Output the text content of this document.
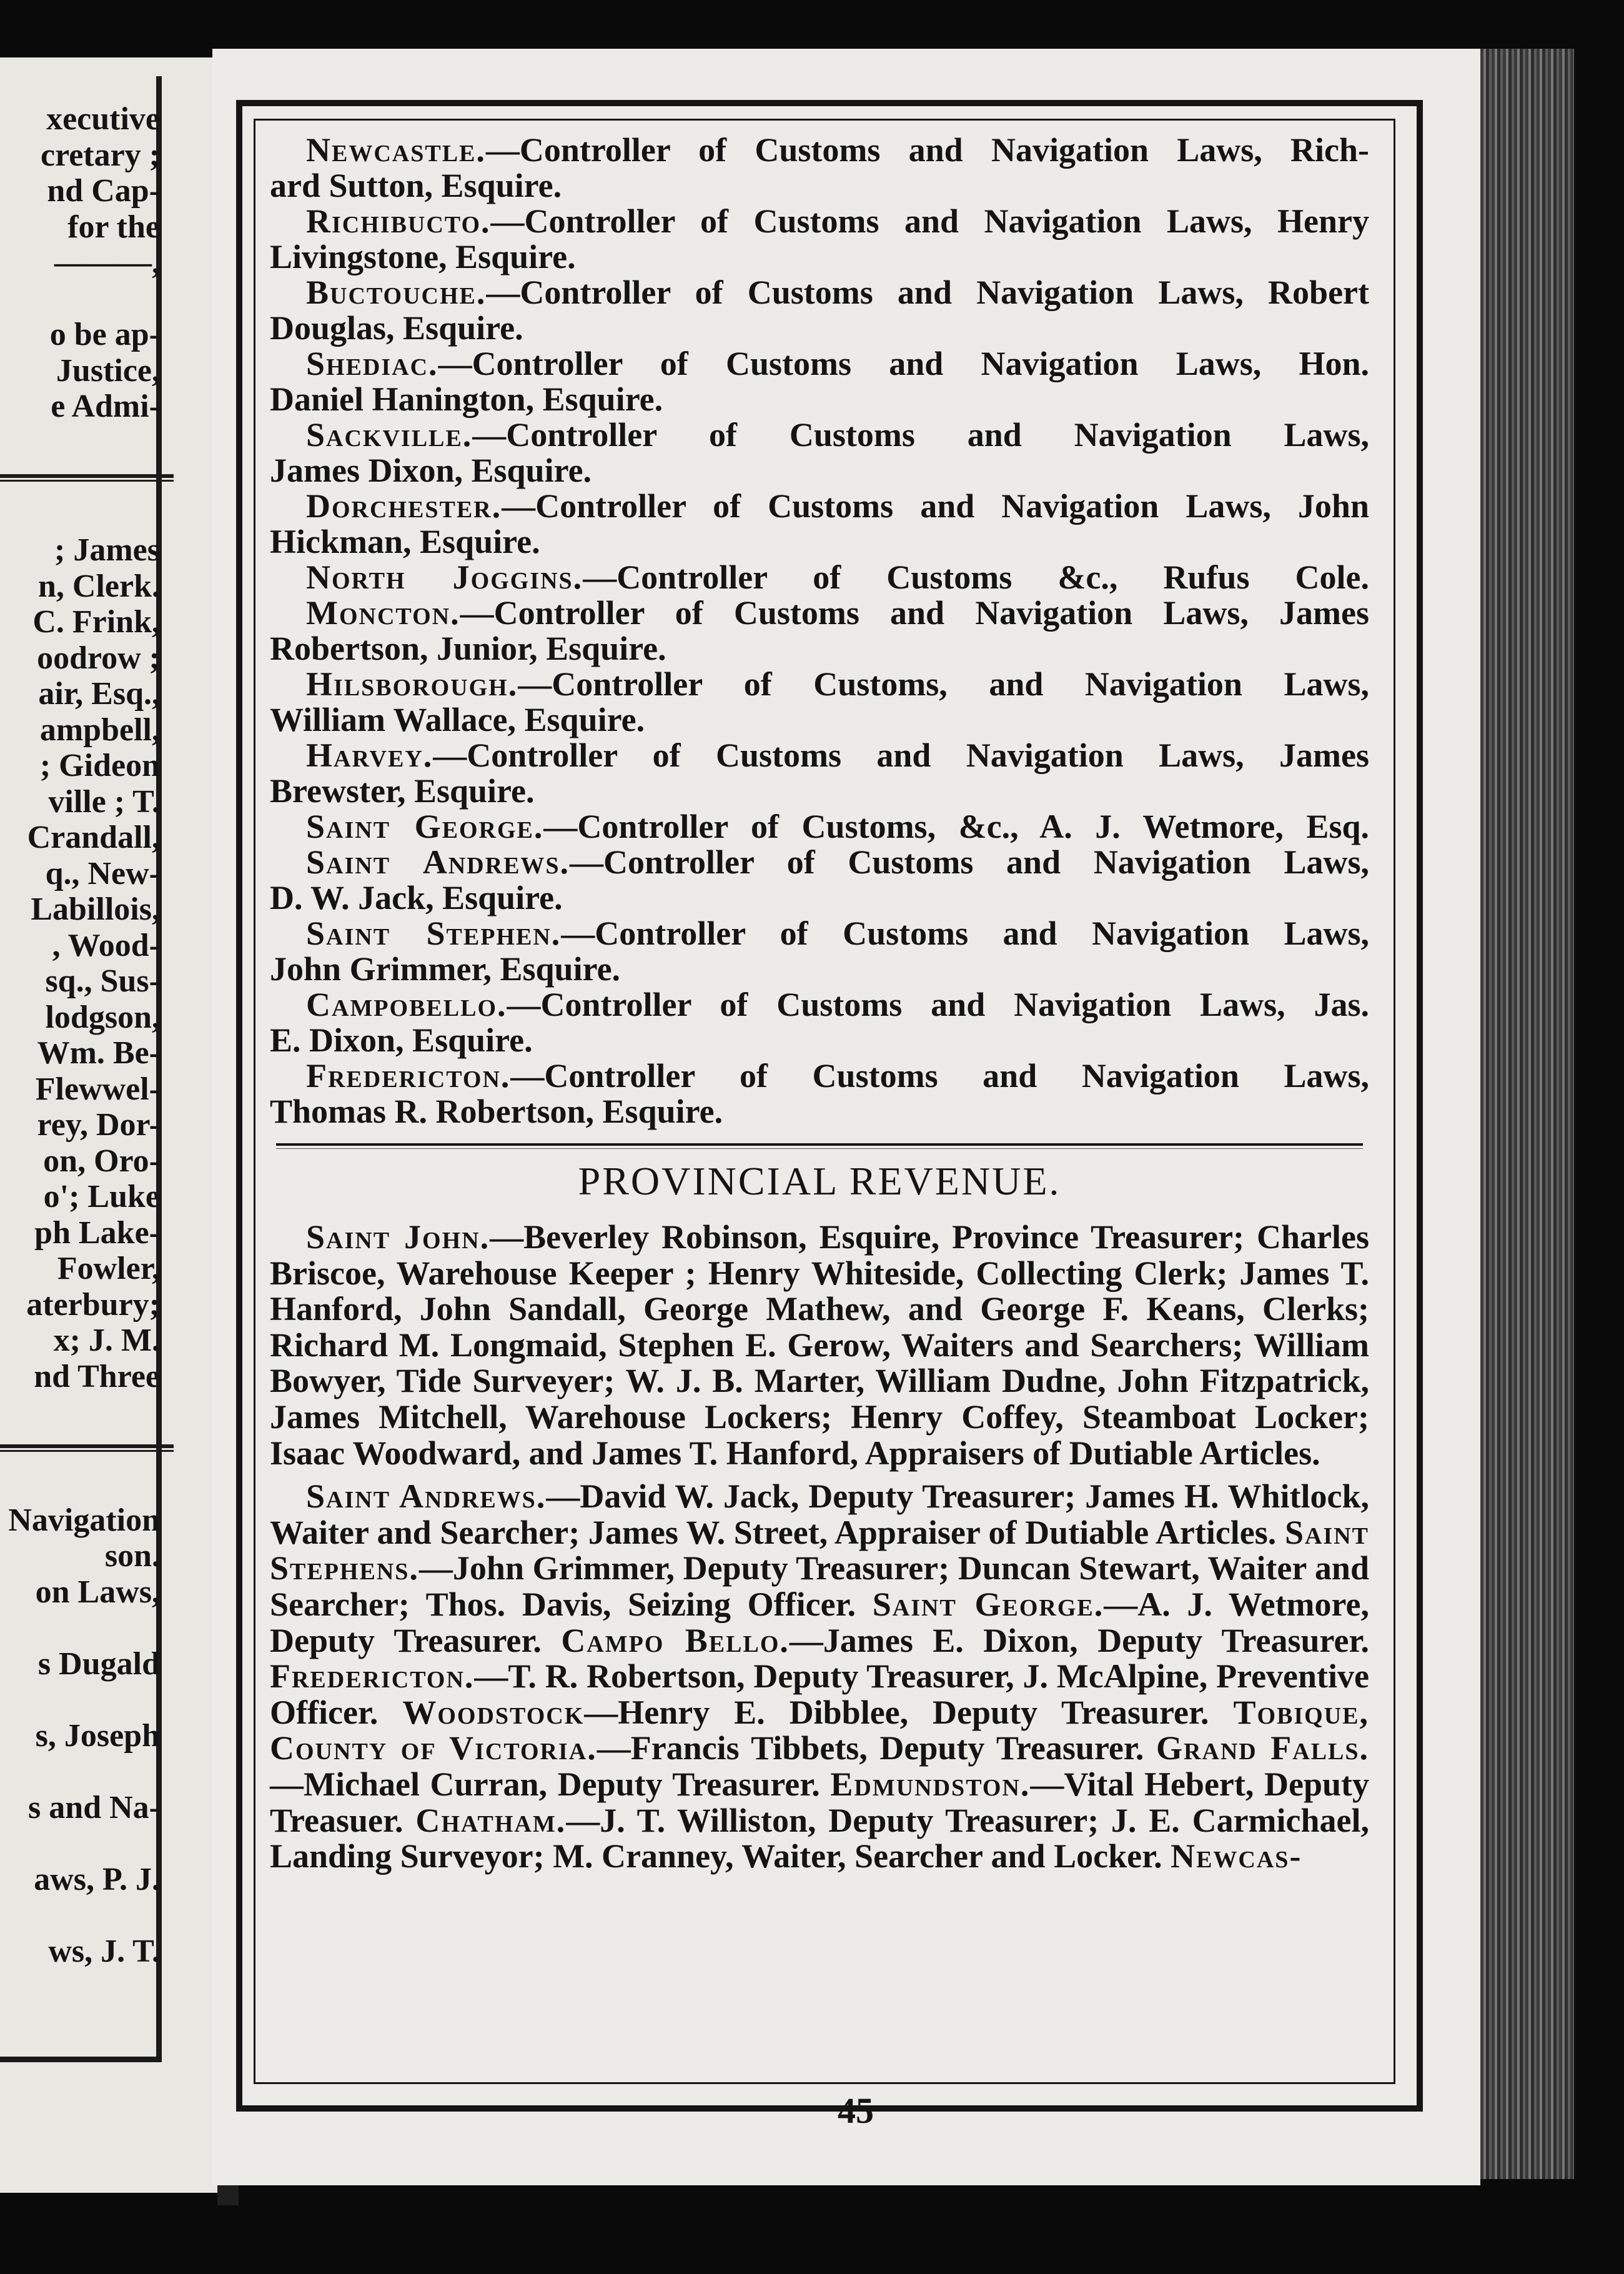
xecutive
cretary ;
nd Cap-
for the
———,
o be ap-
Justice,
e Admi-
; James
n, Clerk.
C. Frink,
oodrow ;
air, Esq.,
ampbell,
; Gideon
ville ; T.
Crandall,
q., New-
Labillois,
, Wood-
sq., Sus-
lodgson,
Wm. Be-
Flewwel-
rey, Dor-
on, Oro-
o'; Luke
ph Lake-
Fowler,
aterbury;
x; J. M.
nd Three
Navigation
son.
on Laws,
s Dugald
s, Joseph
s and Na-
aws, P. J.
ws, J. T.

Newcastle.—Controller of Customs and Navigation Laws, Rich-
ard Sutton, Esquire.

Richibucto.—Controller of Customs and Navigation Laws, Henry
Livingstone, Esquire.

Buctouche.—Controller of Customs and Navigation Laws, Robert
Douglas, Esquire.

Shediac.—Controller of Customs and Navigation Laws, Hon.
Daniel Hanington, Esquire.

Sackville.—Controller of Customs and Navigation Laws,
James Dixon, Esquire.

Dorchester.—Controller of Customs and Navigation Laws, John
Hickman, Esquire.

North Joggins.—Controller of Customs &c., Rufus Cole.

Moncton.—Controller of Customs and Navigation Laws, James
Robertson, Junior, Esquire.

Hilsborough.—Controller of Customs, and Navigation Laws,
William Wallace, Esquire.

Harvey.—Controller of Customs and Navigation Laws, James
Brewster, Esquire.

Saint George.—Controller of Customs, &c., A. J. Wetmore, Esq.

Saint Andrews.—Controller of Customs and Navigation Laws,
D. W. Jack, Esquire.

Saint Stephen.—Controller of Customs and Navigation Laws,
John Grimmer, Esquire.

Campobello.—Controller of Customs and Navigation Laws, Jas.
E. Dixon, Esquire.

Fredericton.—Controller of Customs and Navigation Laws,
Thomas R. Robertson, Esquire.

PROVINCIAL REVENUE.

Saint John.—Beverley Robinson, Esquire, Province Treasurer; Charles Briscoe, Warehouse Keeper ; Henry Whiteside, Collecting Clerk; James T. Hanford, John Sandall, George Mathew, and George F. Keans, Clerks; Richard M. Longmaid, Stephen E. Gerow, Waiters and Searchers; William Bowyer, Tide Surveyer; W. J. B. Marter, William Dudne, John Fitzpatrick, James Mitchell, Warehouse Lockers; Henry Coffey, Steamboat Locker; Isaac Woodward, and James T. Hanford, Appraisers of Dutiable Articles.

Saint Andrews.—David W. Jack, Deputy Treasurer; James H. Whitlock, Waiter and Searcher; James W. Street, Appraiser of Dutiable Articles. Saint Stephens.—John Grimmer, Deputy Treasurer; Duncan Stewart, Waiter and Searcher; Thos. Davis, Seizing Officer. Saint George.—A. J. Wetmore, Deputy Treasurer. Campo Bello.—James E. Dixon, Deputy Treasurer. Fredericton.—T. R. Robertson, Deputy Treasurer, J. McAlpine, Preventive Officer. Woodstock—Henry E. Dibblee, Deputy Treasurer. Tobique, County of Victoria.—Francis Tibbets, Deputy Treasurer. Grand Falls.—Michael Curran, Deputy Treasurer. Edmundston.—Vital Hebert, Deputy Treasuer. Chatham.—J. T. Williston, Deputy Treasurer; J. E. Carmichael, Landing Surveyor; M. Cranney, Waiter, Searcher and Locker. Newcas-

45
